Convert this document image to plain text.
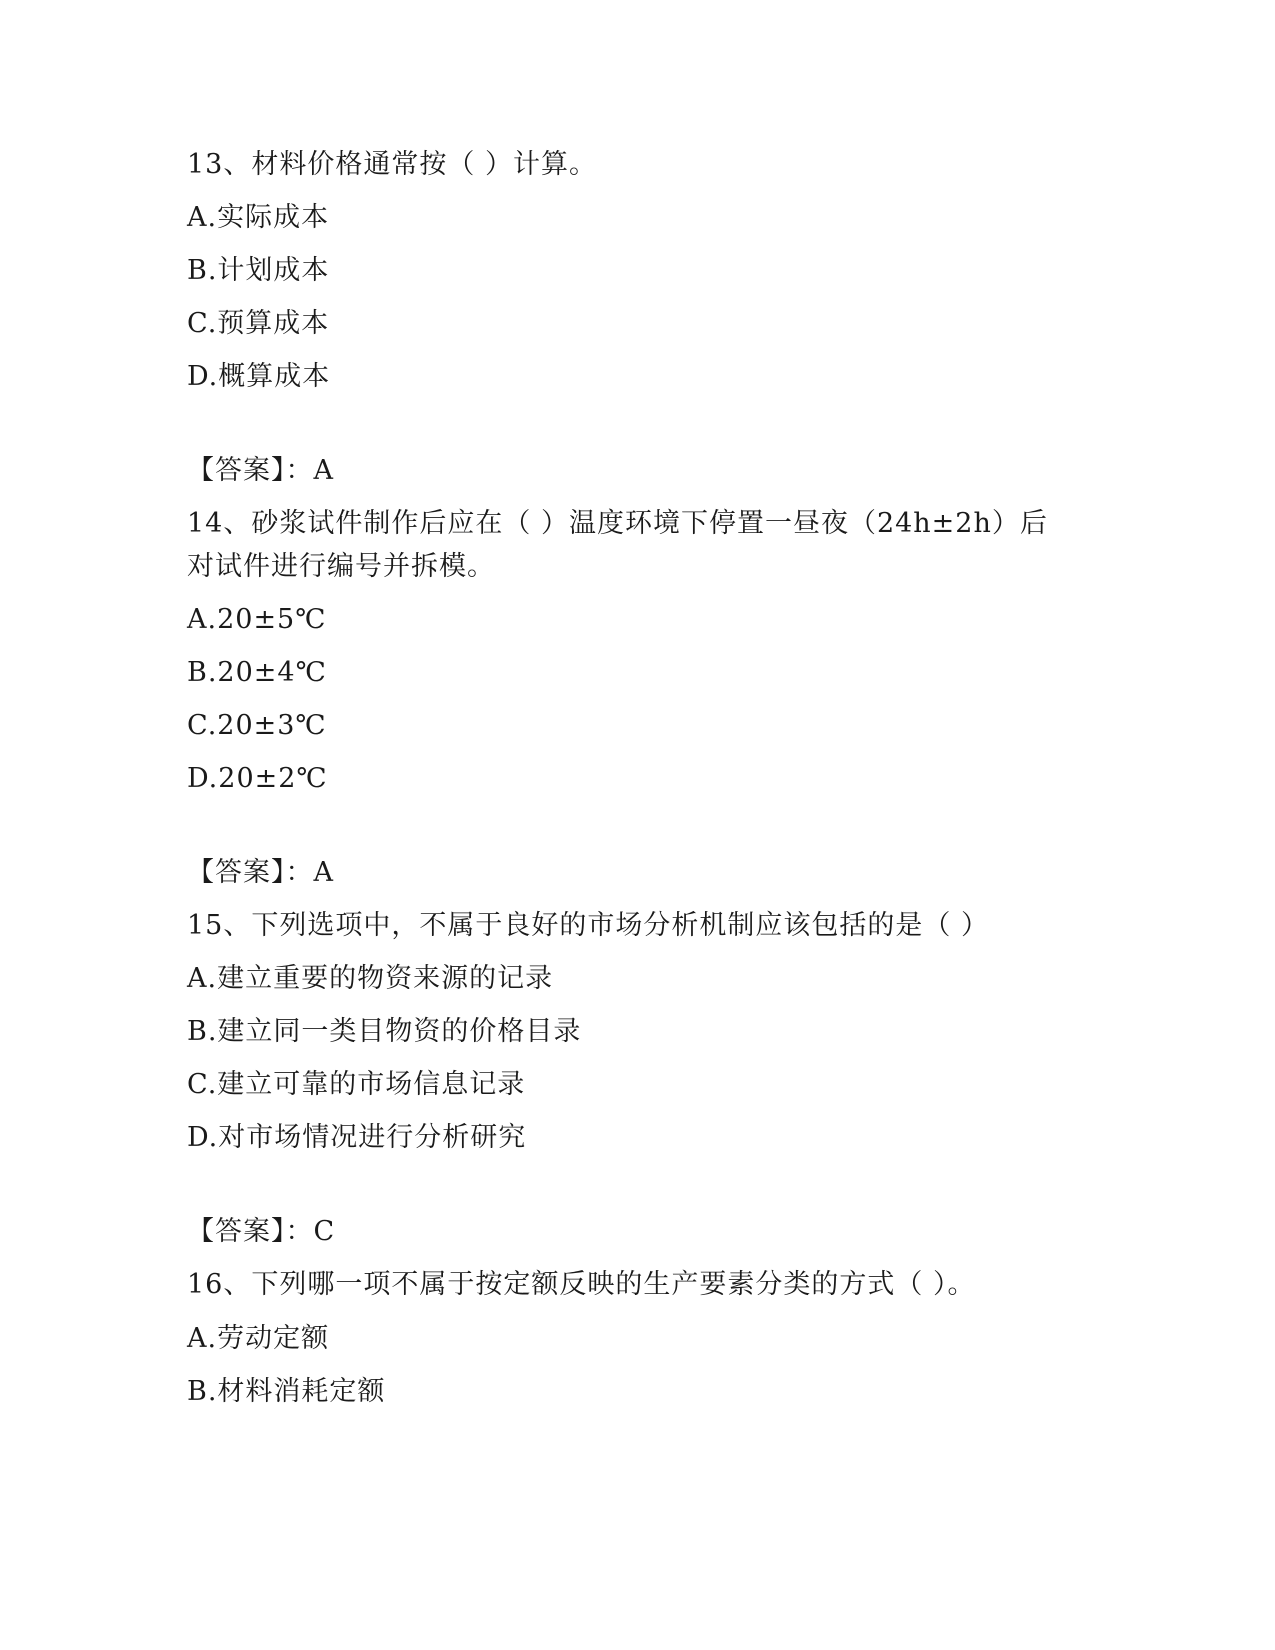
13、材料价格通常按（ ）计算。
A.实际成本
B.计划成本
C.预算成本
D.概算成本
【答案】：A
14、砂浆试件制作后应在（ ）温度环境下停置一昼夜（24h±2h）后
对试件进行编号并拆模。
A.20±5℃
B.20±4℃
C.20±3℃
D.20±2℃
【答案】：A
15、下列选项中，不属于良好的市场分析机制应该包括的是（ ）
A.建立重要的物资来源的记录
B.建立同一类目物资的价格目录
C.建立可靠的市场信息记录
D.对市场情况进行分析研究
【答案】：C
16、下列哪一项不属于按定额反映的生产要素分类的方式（ ）。
A.劳动定额
B.材料消耗定额
